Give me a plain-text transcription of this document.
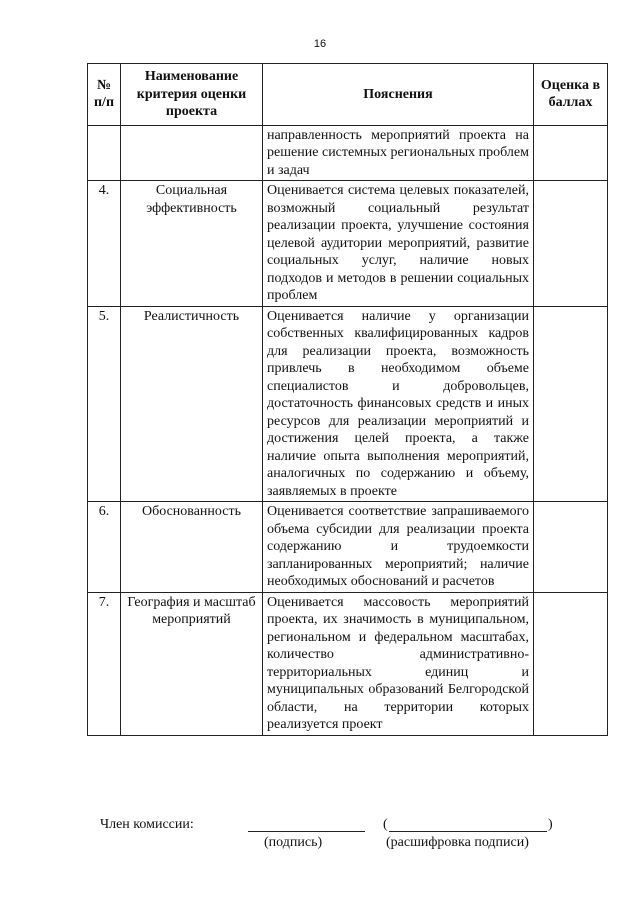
16
№ п/п	Наименование критерия оценки проекта	Пояснения	Оценка в баллах
		направленность мероприятий проекта на решение системных региональных проблем и задач	
4.	Социальная эффективность	Оценивается система целевых показателей, возможный социальный результат реализации проекта, улучшение состояния целевой аудитории мероприятий, развитие социальных услуг, наличие новых подходов и методов в решении социальных проблем	
5.	Реалистичность	Оценивается наличие у организации собственных квалифицированных кадров для реализации проекта, возможность привлечь в необходимом объеме специалистов и добровольцев, достаточность финансовых средств и иных ресурсов для реализации мероприятий и достижения целей проекта, а также наличие опыта выполнения мероприятий, аналогичных по содержанию и объему, заявляемых в проекте	
6.	Обоснованность	Оценивается соответствие запрашиваемого объема субсидии для реализации проекта содержанию и трудоемкости запланированных мероприятий; наличие необходимых обоснований и расчетов	
7.	География и масштаб мероприятий	Оценивается массовость мероприятий проекта, их значимость в муниципальном, региональном и федеральном масштабах, количество административно-территориальных единиц и муниципальных образований Белгородской области, на территории которых реализуется проект	
Член комиссии:
(подпись)
(	)
(расшифровка подписи)
